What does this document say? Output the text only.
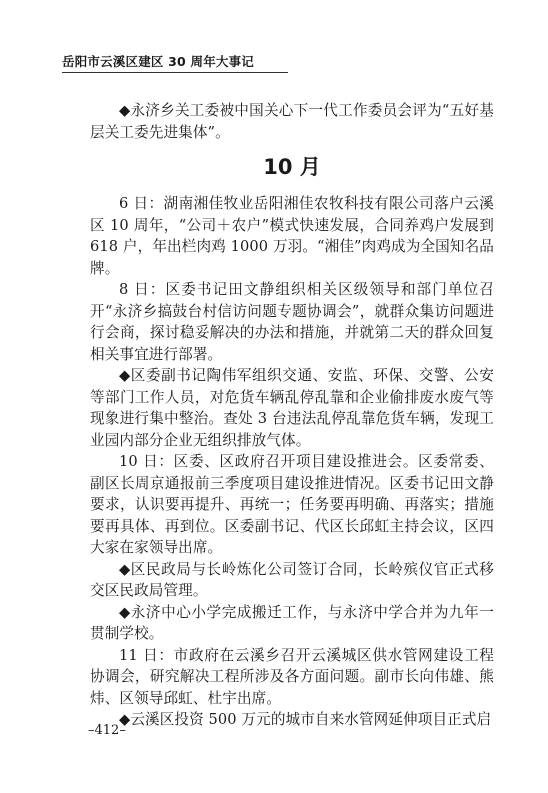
岳阳市云溪区建区 30 周年大事记

◆永济乡关工委被中国关心下一代工作委员会评为“五好基层关工委先进集体”。

10 月

6 日：湖南湘佳牧业岳阳湘佳农牧科技有限公司落户云溪区 10 周年，“公司＋农户”模式快速发展，合同养鸡户发展到 618 户，年出栏肉鸡 1000 万羽。“湘佳”肉鸡成为全国知名品牌。

8 日：区委书记田文静组织相关区级领导和部门单位召开“永济乡搞鼓台村信访问题专题协调会”，就群众集访问题进行会商，探讨稳妥解决的办法和措施，并就第二天的群众回复相关事宜进行部署。

◆区委副书记陶伟军组织交通、安监、环保、交警、公安等部门工作人员，对危货车辆乱停乱靠和企业偷排废水废气等现象进行集中整治。查处 3 台违法乱停乱靠危货车辆，发现工业园内部分企业无组织排放气体。

10 日：区委、区政府召开项目建设推进会。区委常委、副区长周京通报前三季度项目建设推进情况。区委书记田文静要求，认识要再提升、再统一；任务要再明确、再落实；措施要再具体、再到位。区委副书记、代区长邱虹主持会议，区四大家在家领导出席。

◆区民政局与长岭炼化公司签订合同，长岭殡仪官正式移交区民政局管理。

◆永济中心小学完成搬迁工作，与永济中学合并为九年一贯制学校。

11 日：市政府在云溪乡召开云溪城区供水管网建设工程协调会，研究解决工程所涉及各方面问题。副市长向伟雄、熊炜、区领导邱虹、杜宇出席。

◆云溪区投资 500 万元的城市自来水管网延伸项目正式启

–412–
